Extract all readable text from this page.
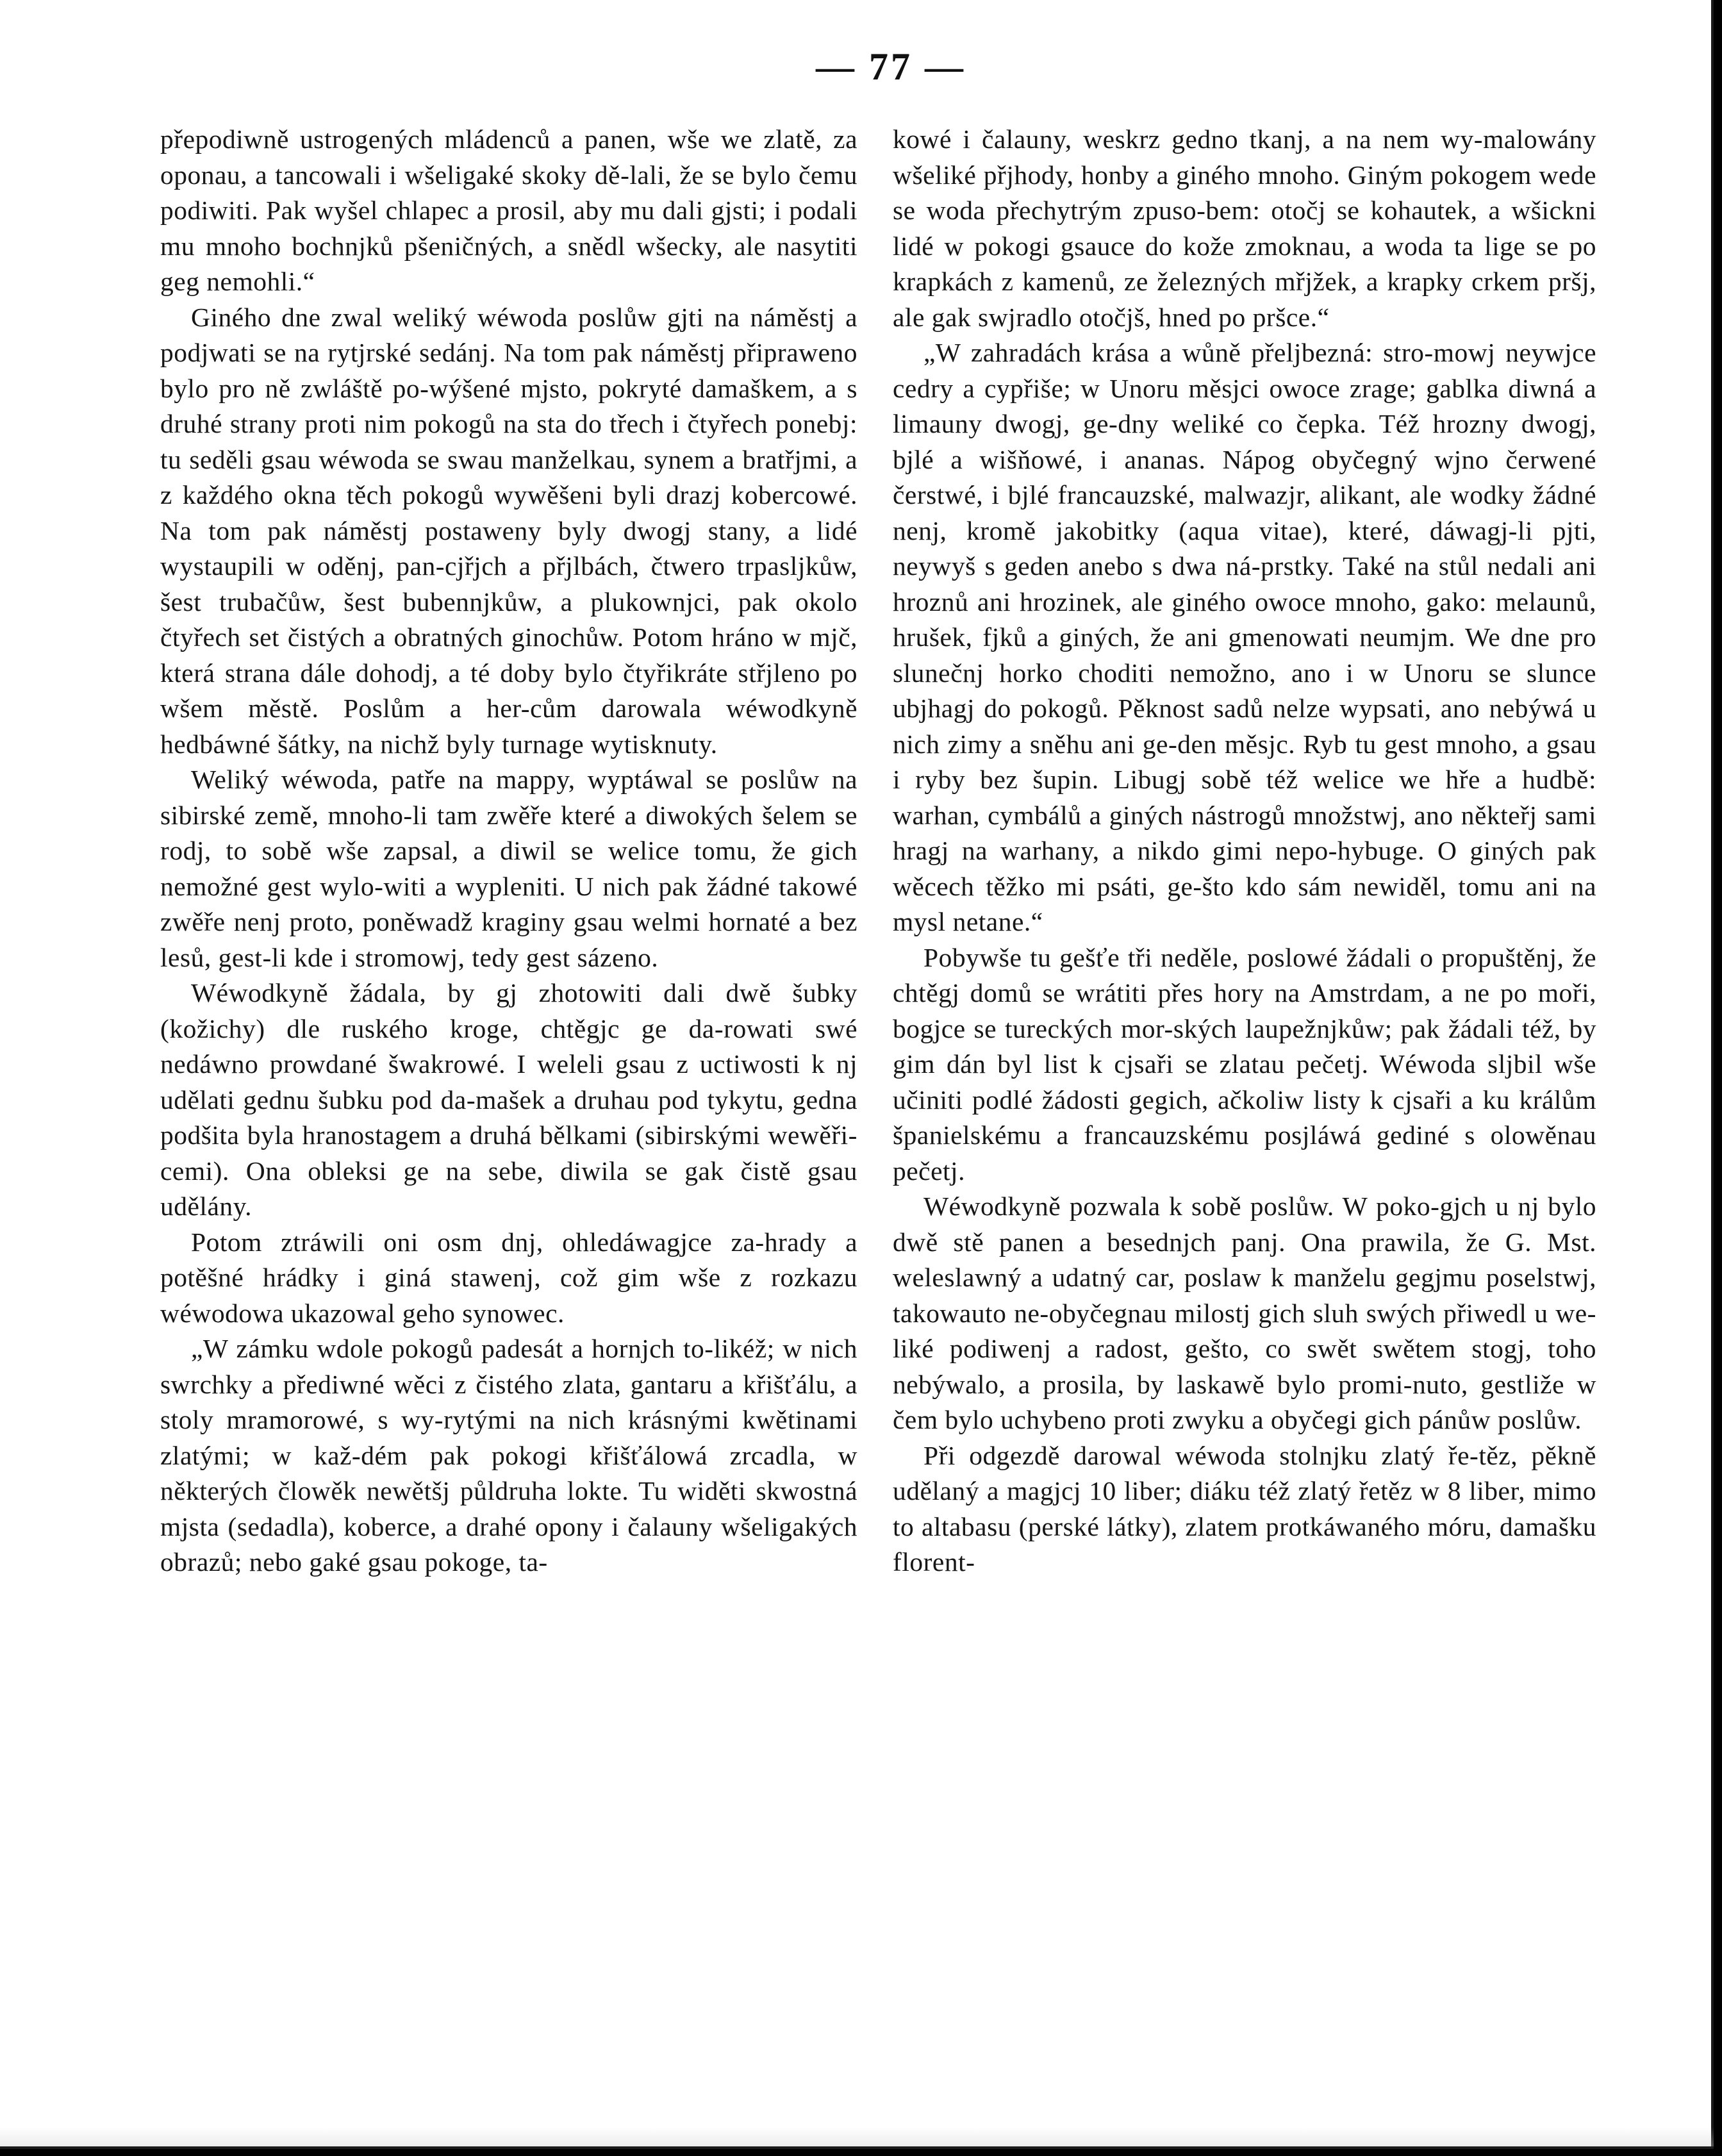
— 77 —

přepodiwně ustrogených mládenců a panen, wše we zlatě, za oponau, a tancowali i wšeligaké skoky dě-lali, že se bylo čemu podiwiti. Pak wyšel chlapec a prosil, aby mu dali gjsti; i podali mu mnoho bochnjků pšeničných, a snědl wšecky, ale nasytiti geg nemohli.“

Giného dne zwal weliký wéwoda poslůw gjti na náměstj a podjwati se na rytjrské sedánj. Na tom pak náměstj připraweno bylo pro ně zwláště po-wýšené mjsto, pokryté damaškem, a s druhé strany proti nim pokogů na sta do třech i čtyřech ponebj: tu seděli gsau wéwoda se swau manželkau, synem a bratřjmi, a z každého okna těch pokogů wywěšeni byli drazj kobercowé. Na tom pak náměstj postaweny byly dwogj stany, a lidé wystaupili w oděnj, pan-cjřjch a přjlbách, čtwero trpaslјkůw, šest trubačůw, šest bubennjkůw, a plukownjci, pak okolo čtyřech set čistých a obratných ginochůw. Potom hráno w mjč, která strana dále dohodj, a té doby bylo čtyřikráte střjleno po wšem městě. Poslům a her-cům darowala wéwodkyně hedbáwné šátky, na nichž byly turnage wytisknuty.

Weliký wéwoda, patře na mappy, wyptáwal se poslůw na sibirské země, mnoho-li tam zwěře které a diwokých šelem se rodj, to sobě wše zapsal, a diwil se welice tomu, že gich nemožné gest wylo-witi a wypleniti. U nich pak žádné takowé zwěře nenj proto, poněwadž kraginy gsau welmi hornaté a bez lesů, gest-li kde i stromowj, tedy gest sázeno.

Wéwodkyně žádala, by gj zhotowiti dali dwě šubky (kožichy) dle ruského kroge, chtěgjc ge da-rowati swé nedáwno prowdané šwakrowé. I weleli gsau z uctiwosti k nj udělati gednu šubku pod da-mašek a druhau pod tykytu, gedna podšita byla hranostagem a druhá bělkami (sibirskými wewěři-cemi). Ona obleksi ge na sebe, diwila se gak čistě gsau udělány.

Potom ztráwili oni osm dnj, ohledáwagjce za-hrady a potěšné hrádky i giná stawenj, což gim wše z rozkazu wéwodowa ukazowal geho synowec.

„W zámku wdole pokogů padesát a hornjch to-likéž; w nich swrchky a přediwné wěci z čistého zlata, gantaru a křišťálu, a stoly mramorowé, s wy-rytými na nich krásnými kwětinami zlatými; w kaž-dém pak pokogi křišťálowá zrcadla, w některých člowěk newětšj půldruha lokte. Tu widěti skwostná mjsta (sedadla), koberce, a drahé opony i čalauny wšeligakých obrazů; nebo gaké gsau pokoge, ta-

kowé i čalauny, weskrz gedno tkanj, a na nem wy-malowány wšeliké přjhody, honby a giného mnoho. Giným pokogem wede se woda přechytrým zpuso-bem: otočj se kohautek, a wšickni lidé w pokogi gsauce do kože zmoknau, a woda ta lige se po krapkách z kamenů, ze železných mřjžek, a krapky crkem pršj, ale gak swjradlo otočjš, hned po pršce.“

„W zahradách krása a wůně přeljbezná: stro-mowj neywjce cedry a cypřiše; w Unoru měsjci owoce zrage; gablka diwná a limauny dwogj, ge-dny weliké co čepka. Též hrozny dwogj, bjlé a wišňowé, i ananas. Nápog obyčegný wjno čerwené čerstwé, i bjlé francauzské, malwazjr, alikant, ale wodky žádné nenj, kromě jakobitky (aqua vitae), které, dáwagj-li pjti, neywyš s geden anebo s dwa ná-prstky. Také na stůl nedali ani hroznů ani hrozinek, ale giného owoce mnoho, gako: melaunů, hrušek, fjků a giných, že ani gmenowati neumjm. We dne pro slunečnj horko choditi nemožno, ano i w Unoru se slunce ubjhagj do pokogů. Pěknost sadů nelze wypsati, ano nebýwá u nich zimy a sněhu ani ge-den měsjc. Ryb tu gest mnoho, a gsau i ryby bez šupin. Libugj sobě též welice we hře a hudbě: warhan, cymbálů a giných nástrogů množstwj, ano někteřj sami hragj na warhany, a nikdo gimi nepo-hybuge. O giných pak wěcech těžko mi psáti, ge-što kdo sám newiděl, tomu ani na mysl netane.“

Pobywše tu gešťe tři neděle, poslowé žádali o propuštěnj, že chtěgj domů se wrátiti přes hory na Amstrdam, a ne po moři, bogjce se tureckých mor-ských laupežnjkůw; pak žádali též, by gim dán byl list k cjsaři se zlatau pečetj. Wéwoda sljbil wše učiniti podlé žádosti gegich, ačkoliw listy k cjsaři a ku králům španielskému a francauzskému posjláwá gediné s olowěnau pečetj.

Wéwodkyně pozwala k sobě poslůw. W poko-gjch u nj bylo dwě stě panen a besednjch panj. Ona prawila, že G. Mst. weleslawný a udatný car, poslaw k manželu gegjmu poselstwj, takowauto ne-obyčegnau milostj gich sluh swých přiwedl u we-liké podiwenj a radost, gešto, co swět swětem stogj, toho nebýwalo, a prosila, by laskawě bylo promi-nuto, gestliže w čem bylo uchybeno proti zwyku a obyčegi gich pánůw poslůw.

Při odgezdě darowal wéwoda stolnjku zlatý ře-těz, pěkně udělaný a magjcj 10 liber; diáku též zlatý řetěz w 8 liber, mimo to altabasu (perské látky), zlatem protkáwaného móru, damašku florent-
